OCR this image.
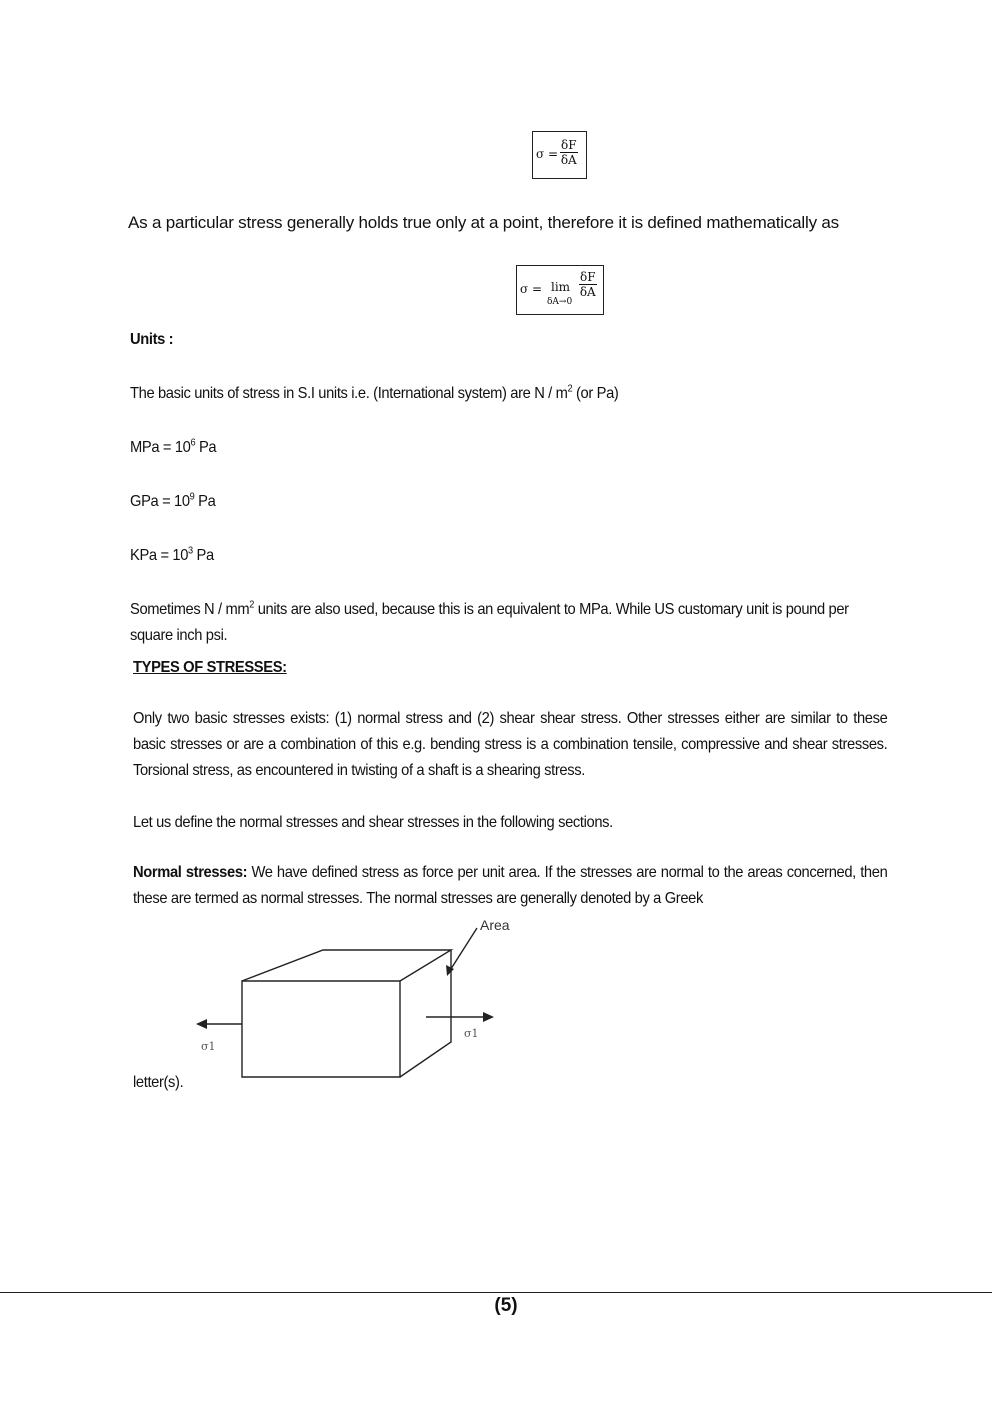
$\sigma = \frac{\delta F}{\delta A}$
As a particular stress generally holds true only at a point, therefore it is defined mathematically as
σ = lim
δA→0
$\frac{\delta F}{\delta A}$
Units :
The basic units of stress in S.I units i.e. (International system) are N / $m^2$ (or Pa)
MPa = $10^6$ Pa
GPa = $10^9$ Pa
KPa = $10^3$ Pa
Sometimes N / $mm^2$ units are also used, because this is an equivalent to MPa. While US customary unit is pound per square inch psi.
TYPES OF STRESSES:
Only two basic stresses exists: (1) normal stress and (2) shear shear stress. Other stresses either are similar to these basic stresses or are a combination of this e.g. bending stress is a combination tensile, compressive and shear stresses. Torsional stress, as encountered in twisting of a shaft is a shearing stress.
Let us define the normal stresses and shear stresses in the following sections.
Normal stresses: We have defined stress as force per unit area. If the stresses are normal to the areas concerned, then these are termed as normal stresses. The normal stresses are generally denoted by a Greek
Area
σ1
σ1
letter(s).
(5)
